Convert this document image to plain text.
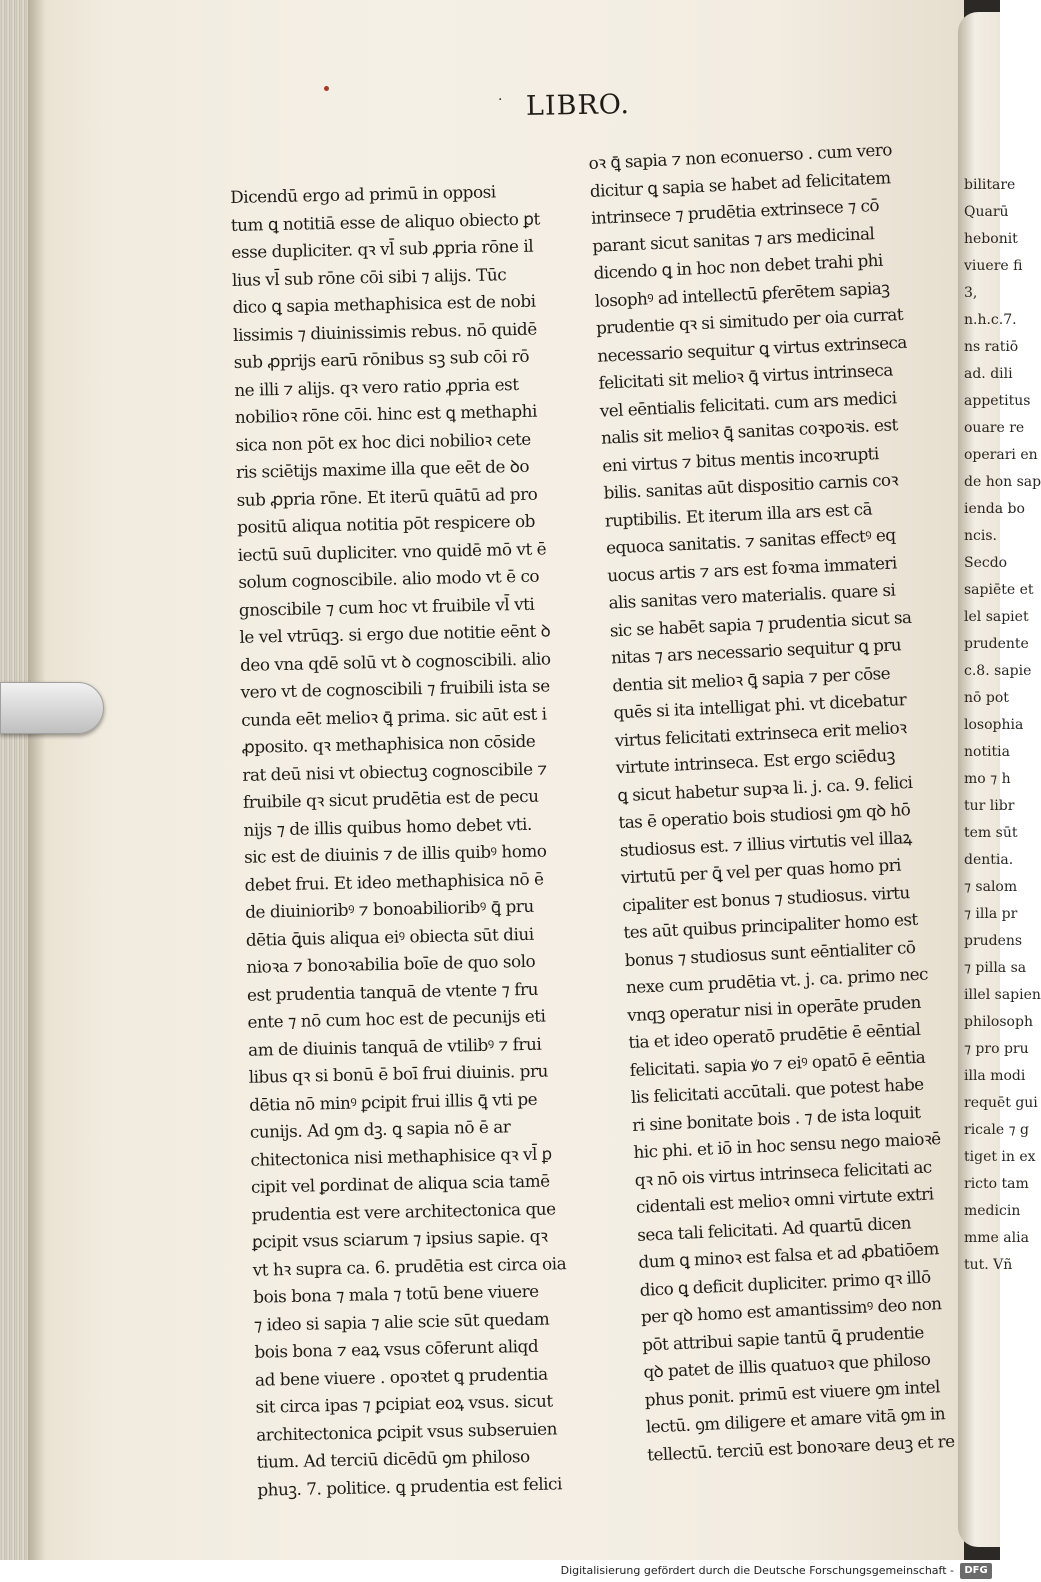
· LIBRO.
Dicendū ergo ad primū in opposi
tum ꝗ notitiā esse de aliquo obiecto ꝑt
esse dupliciter. qꝛ vl̄ sub ꝓpria rōne il
lius vl̄ sub rōne cōi sibi ⁊ alijs. Tūc
dico ꝗ sapia methaphisica est de nobi
lissimis ⁊ diuinissimis rebus. nō quidē
sub ꝓprijs earū rōnibus sꝫ sub cōi rō
ne illi ⁊ alijs. qꝛ vero ratio ꝓpria est
nobilioꝛ rōne cōi. hinc est ꝗ methaphi
sica non pōt ex hoc dici nobilioꝛ cete
ris sciētijs maxime illa que eēt de ꝺo
sub ꝓpria rōne. Et iterū quātū ad pro
positū aliqua notitia pōt respicere ob
iectū suū dupliciter. vno quidē mō vt ē
solum cognoscibile. alio modo vt ē co
gnoscibile ⁊ cum hoc vt fruibile vl̄ vti
le vel vtrūqꝫ. si ergo due notitie eēnt ꝺ
deo vna qdē solū vt ꝺ cognoscibili. alio
vero vt de cognoscibili ⁊ fruibili ista se
cunda eēt melioꝛ ꝗ̄ prima. sic aūt est i
ꝓposito. qꝛ methaphisica non cōside
rat deū nisi vt obiectuꝫ cognoscibile ⁊
fruibile qꝛ sicut prudētia est de pecu
nijs ⁊ de illis quibus homo debet vti.
sic est de diuinis ⁊ de illis quibꝰ homo
debet frui. Et ideo methaphisica nō ē
de diuinioribꝰ ⁊ bonoabilioribꝰ ꝗ̄ pru
dētia ꝗ̄uis aliqua eiꝰ obiecta sūt diui
nioꝛa ⁊ bonoꝛabilia boīe de quo solo
est prudentia tanquā de vtente ⁊ fru
ente ⁊ nō cum hoc est de pecunijs eti
am de diuinis tanquā de vtilibꝰ ⁊ frui
libus qꝛ si bonū ē boī frui diuinis. pru
dētia nō minꝰ ꝑcipit frui illis ꝗ̄ vti pe
cunijs. Ad ꝯm dꝫ. ꝗ sapia nō ē ar
chitectonica nisi methaphisice qꝛ vl̄ ꝑ
cipit vel ꝑordinat de aliqua scia tamē
prudentia est vere architectonica que
ꝑcipit vsus sciarum ⁊ ipsius sapie. qꝛ
vt hꝛ supra ca. 6. prudētia est circa oia
bois bona ⁊ mala ⁊ totū bene viuere
⁊ ideo si sapia ⁊ alie scie sūt quedam
bois bona ⁊ eaꝝ vsus cōferunt aliqd
ad bene viuere . opoꝛtet ꝗ prudentia
sit circa ipas ⁊ ꝑcipiat eoꝝ vsus. sicut
architectonica ꝑcipit vsus subseruien
tium. Ad terciū dicēdū ꝯm philoso
phuꝫ. 7. politice. ꝗ prudentia est felici
oꝛ ꝗ̄ sapia ⁊ non econuerso . cum vero
dicitur ꝗ sapia se habet ad felicitatem
intrinsece ⁊ prudētia extrinsece ⁊ cō
parant sicut sanitas ⁊ ars medicinal
dicendo ꝗ in hoc non debet trahi phi
losophꝰ ad intellectū ꝑferētem sapiaꝫ
prudentie qꝛ si simitudo per oia currat
necessario sequitur ꝗ virtus extrinseca
felicitati sit melioꝛ ꝗ̄ virtus intrinseca
vel eēntialis felicitati. cum ars medici
nalis sit melioꝛ ꝗ̄ sanitas coꝛpoꝛis. est
eni virtus ⁊ bitus mentis incoꝛrupti
bilis. sanitas aūt dispositio carnis coꝛ
ruptibilis. Et iterum illa ars est cā
equoca sanitatis. ⁊ sanitas effectꝰ eq
uocus artis ⁊ ars est foꝛma immateri
alis sanitas vero materialis. quare si
sic se habēt sapia ⁊ prudentia sicut sa
nitas ⁊ ars necessario sequitur ꝗ pru
dentia sit melioꝛ ꝗ̄ sapia ⁊ per cōse
quēs si ita intelligat phi. vt dicebatur
virtus felicitati extrinseca erit melioꝛ
virtute intrinseca. Est ergo sciēduꝫ
ꝗ sicut habetur supꝛa li. j. ca. 9. felici
tas ē operatio bois studiosi ꝯm qꝺ hō
studiosus est. ⁊ illius virtutis vel illaꝝ
virtutū per ꝗ̄ vel per quas homo pri
cipaliter est bonus ⁊ studiosus. virtu
tes aūt quibus principaliter homo est
bonus ⁊ studiosus sunt eēntialiter cō
nexe cum prudētia vt. j. ca. primo nec
vnqꝫ operatur nisi in operāte pruden
tia et ideo operatō prudētie ē eēntial
felicitati. sapia ꝟo ⁊ eiꝰ opatō ē eēntia
lis felicitati accūtali. que potest habe
ri sine bonitate bois . ⁊ de ista loquit
hic phi. et iō in hoc sensu nego maioꝛē
qꝛ nō ois virtus intrinseca felicitati ac
cidentali est melioꝛ omni virtute extri
seca tali felicitati. Ad quartū dicen
dum ꝗ minoꝛ est falsa et ad ꝓbatiōem
dico ꝗ deficit dupliciter. primo qꝛ illō
per qꝺ homo est amantissimꝰ deo non
pōt attribui sapie tantū ꝗ̄ prudentie
qꝺ patet de illis quatuoꝛ que philoso
phus ponit. primū est viuere ꝯm intel
lectū. ꝯm diligere et amare vitā ꝯm in
tellectū. terciū est bonoꝛare deuꝫ et re
bilitare
Quarū
hebonit
viuere fi
3,
n.h.c.7.
ns ratiō
ad. dili
appetitus
ouare re
operari en
de hon sap
ienda bo
ncis.
Secdo
sapiēte et
lel sapiet
prudente
c.8. sapie
nō pot
losophia
notitia
mo ⁊ h
tur libr
tem sūt
dentia.
⁊ salom
⁊ illa pr
prudens
⁊ pilla sa
illel sapien
philosoph
⁊ pro pru
illa modi
requēt gui
ricale ⁊ g
tiget in ex
ricto tam
medicin
mme alia
tut. Vñ
Digitalisierung gefördert durch die Deutsche Forschungsgemeinschaft -	DFG
